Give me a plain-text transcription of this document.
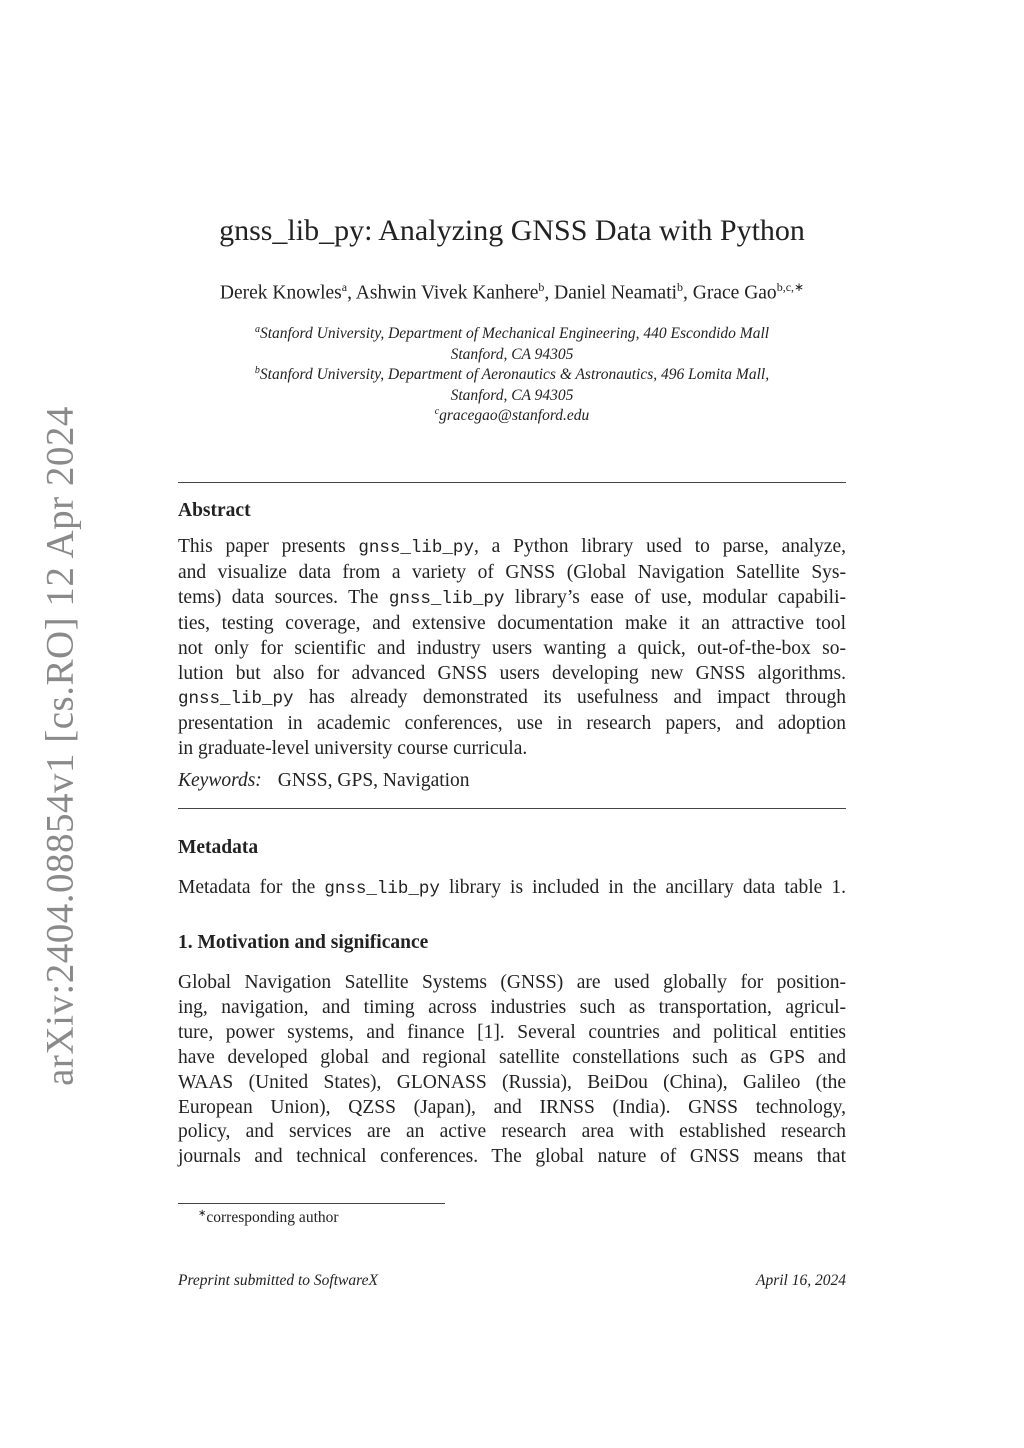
arXiv:2404.08854v1 [cs.RO] 12 Apr 2024
gnss_lib_py: Analyzing GNSS Data with Python
Derek Knowles$^a$, Ashwin Vivek Kanhere$^b$, Daniel Neamati$^b$, Grace Gao$^{b,c,∗}$
$^a$Stanford University, Department of Mechanical Engineering, 440 Escondido Mall
Stanford, CA 94305
$^b$Stanford University, Department of Aeronautics & Astronautics, 496 Lomita Mall,
Stanford, CA 94305
$^c$gracegao@stanford.edu
Abstract
This paper presents gnss_lib_py, a Python library used to parse, analyze,
and visualize data from a variety of GNSS (Global Navigation Satellite Sys-
tems) data sources. The gnss_lib_py library’s ease of use, modular capabili-
ties, testing coverage, and extensive documentation make it an attractive tool
not only for scientific and industry users wanting a quick, out-of-the-box so-
lution but also for advanced GNSS users developing new GNSS algorithms.
gnss_lib_py has already demonstrated its usefulness and impact through
presentation in academic conferences, use in research papers, and adoption
in graduate-level university course curricula.
Keywords: GNSS, GPS, Navigation
Metadata
Metadata for the gnss_lib_py library is included in the ancillary data table 1.
1. Motivation and significance
Global Navigation Satellite Systems (GNSS) are used globally for position-
ing, navigation, and timing across industries such as transportation, agricul-
ture, power systems, and finance [1]. Several countries and political entities
have developed global and regional satellite constellations such as GPS and
WAAS (United States), GLONASS (Russia), BeiDou (China), Galileo (the
European Union), QZSS (Japan), and IRNSS (India). GNSS technology,
policy, and services are an active research area with established research
journals and technical conferences. The global nature of GNSS means that
∗corresponding author
Preprint submitted to SoftwareX	April 16, 2024
